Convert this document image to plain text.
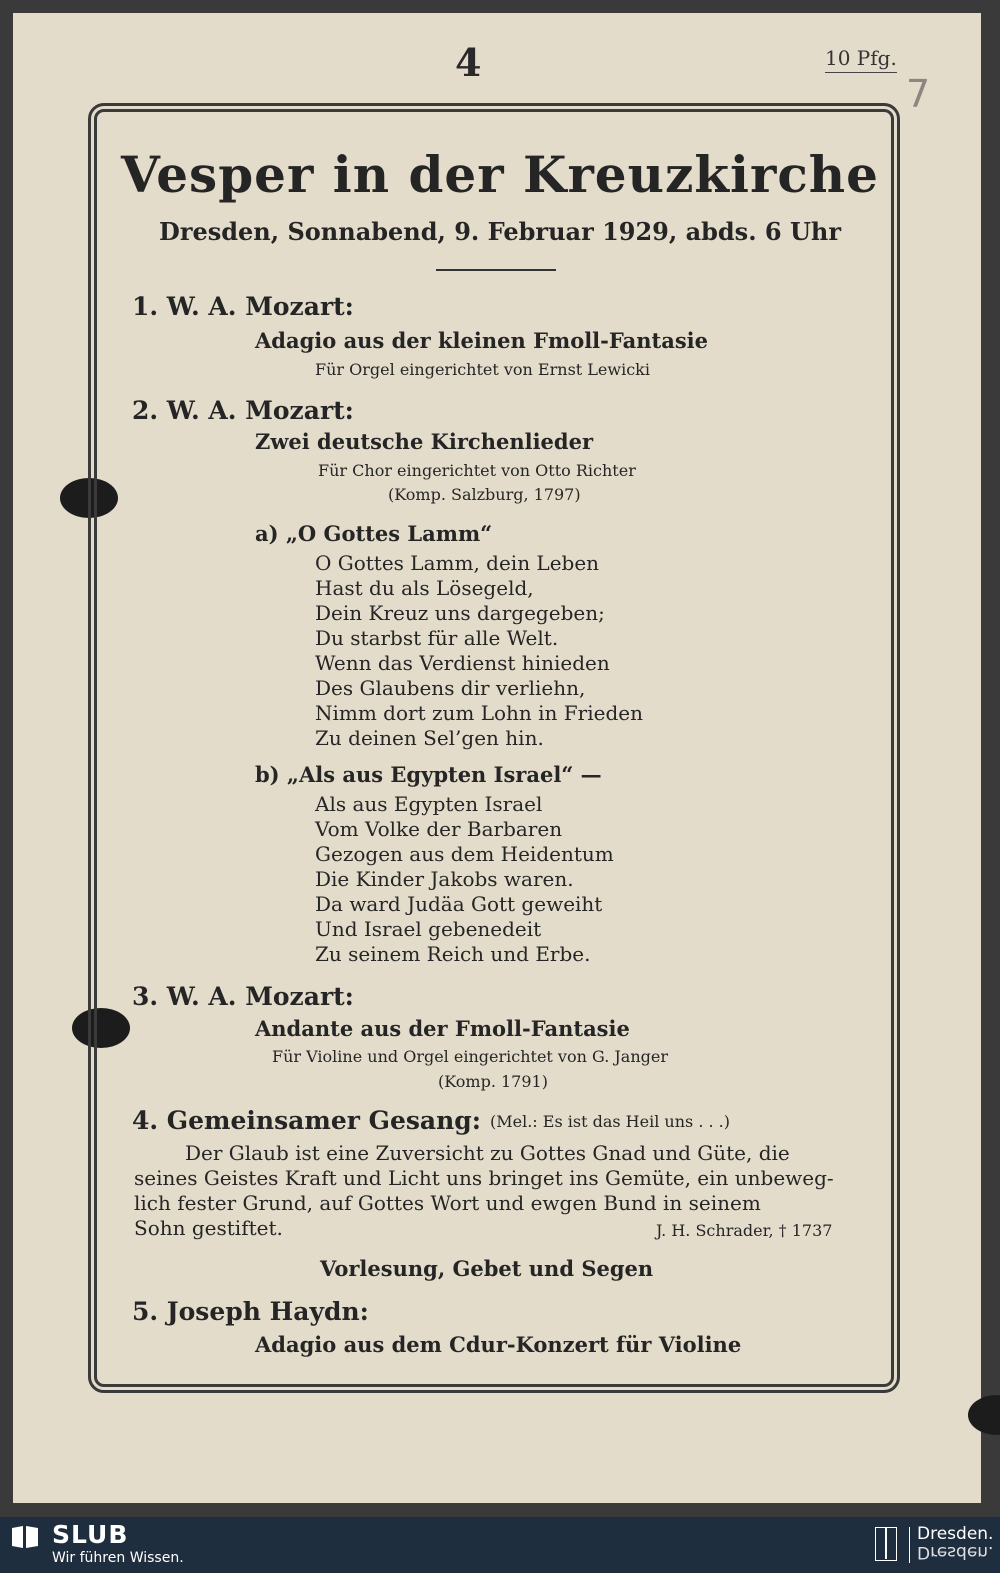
4	10 Pfg.
7
Vesper in der Kreuzkirche
Dresden, Sonnabend, 9. Februar 1929, abds. 6 Uhr
1. W. A. Mozart:
Adagio aus der kleinen Fmoll-Fantasie
Für Orgel eingerichtet von Ernst Lewicki
2. W. A. Mozart:
Zwei deutsche Kirchenlieder
Für Chor eingerichtet von Otto Richter
(Komp. Salzburg, 1797)
a) „O Gottes Lamm“
O Gottes Lamm, dein Leben
Hast du als Lösegeld,
Dein Kreuz uns dargegeben;
Du starbst für alle Welt.
Wenn das Verdienst hinieden
Des Glaubens dir verliehn,
Nimm dort zum Lohn in Frieden
Zu deinen Sel’gen hin.
b) „Als aus Egypten Israel“ —
Als aus Egypten Israel
Vom Volke der Barbaren
Gezogen aus dem Heidentum
Die Kinder Jakobs waren.
Da ward Judäa Gott geweiht
Und Israel gebenedeit
Zu seinem Reich und Erbe.
3. W. A. Mozart:
Andante aus der Fmoll-Fantasie
Für Violine und Orgel eingerichtet von G. Janger
(Komp. 1791)
4. Gemeinsamer Gesang: (Mel.: Es ist das Heil uns . . .)
Der Glaub ist eine Zuversicht zu Gottes Gnad und Güte, die
seines Geistes Kraft und Licht uns bringet ins Gemüte, ein unbeweg-
lich fester Grund, auf Gottes Wort und ewgen Bund in seinem
Sohn gestiftet.	J. H. Schrader, † 1737
Vorlesung, Gebet und Segen
5. Joseph Haydn:
Adagio aus dem Cdur-Konzert für Violine
SLUB
Wir führen Wissen.
Dresden.
Dresden.
